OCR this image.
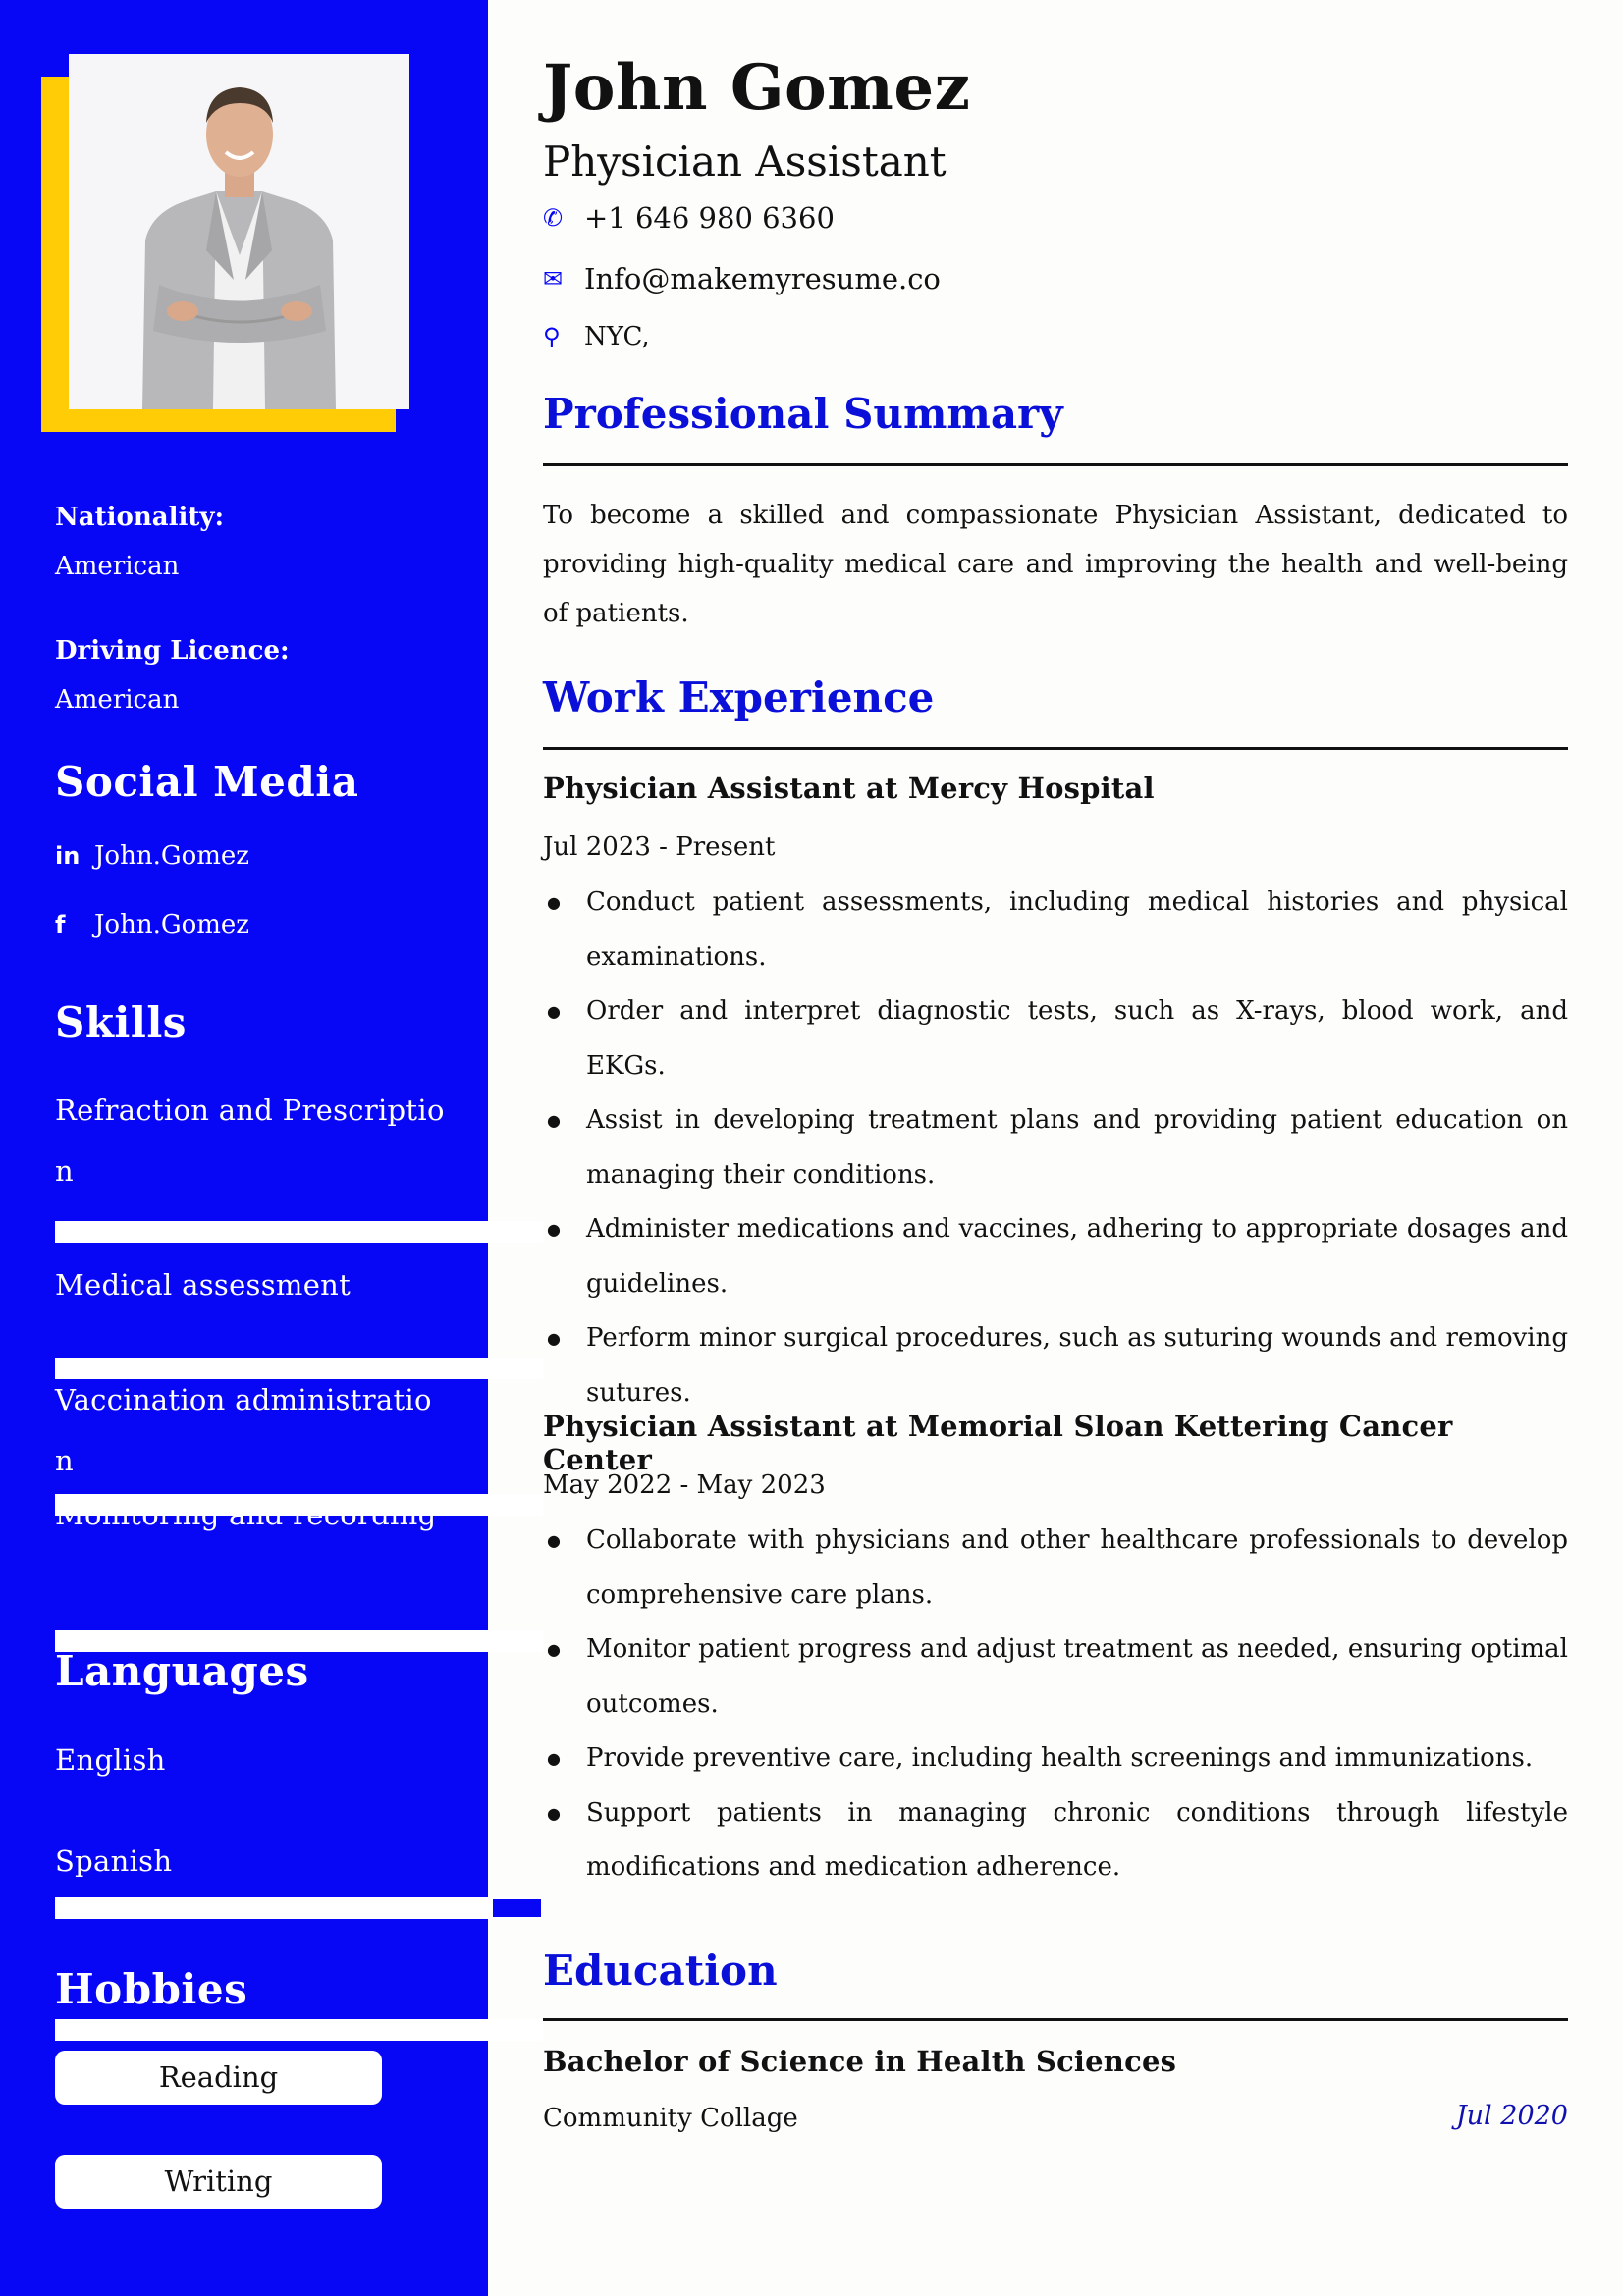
Nationality:
American
Driving Licence:
American
Social Media
in John.Gomez
f	John.Gomez
Skills
Refraction and Prescription
Medical assessment
Vaccination administration
Monitoring and recording
Languages
English
Spanish
Hobbies
Reading
Writing
John Gomez
Physician Assistant
✆ +1 646 980 6360
✉ Info@makemyresume.co
⚲ NYC,
Professional Summary
To become a skilled and compassionate Physician Assistant, dedicated to providing high-quality medical care and improving the health and well-being of patients.
Work Experience
Physician Assistant at Mercy Hospital
Jul 2023 - Present
● Conduct patient assessments, including medical histories and physical examinations.
● Order and interpret diagnostic tests, such as X-rays, blood work, and EKGs.
● Assist in developing treatment plans and providing patient education on managing their conditions.
● Administer medications and vaccines, adhering to appropriate dosages and guidelines.
● Perform minor surgical procedures, such as suturing wounds and removing sutures.
Physician Assistant at Memorial Sloan Kettering Cancer Center
May 2022 - May 2023
● Collaborate with physicians and other healthcare professionals to develop comprehensive care plans.
● Monitor patient progress and adjust treatment as needed, ensuring optimal outcomes.
● Provide preventive care, including health screenings and immunizations.
● Support patients in managing chronic conditions through lifestyle modifications and medication adherence.
Education
Bachelor of Science in Health Sciences
Community Collage	Jul 2020
